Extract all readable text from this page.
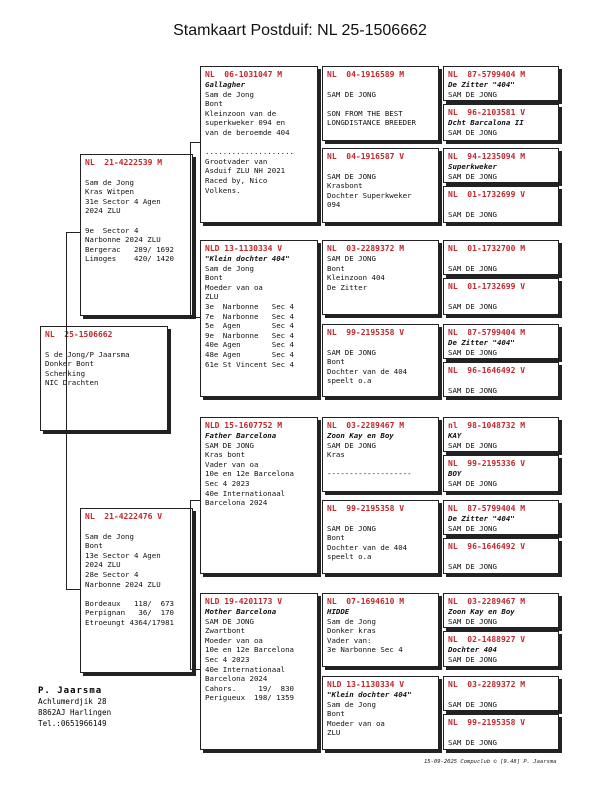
Stamkaart Postduif: NL 25-1506662
NL  25-1506662

S de Jong/P Jaarsma
Donker Bont
Schenking
NIC Drachten
NL  21-4222539 M

Sam de Jong
Kras Witpen
31e Sector 4 Agen
2024 ZLU

9e  Sector 4
Narbonne 2024 ZLU
Bergerac   289/ 1692
Limoges    420/ 1420
NL  21-4222476 V

Sam de Jong
Bont
13e Sector 4 Agen
2024 ZLU
28e Sector 4
Narbonne 2024 ZLU

Bordeaux   118/  673
Perpignan   36/  170
Etroeungt 4364/17981
NL  06-1031047 M
Gallagher
Sam de Jong
Bont
Kleinzoon van de
superkweker 094 en
van de beroemde 404

....................
Grootvader van
Asduif ZLU NH 2021
Raced by, Nico
Volkens.
NLD 13-1130334 V
"Klein dochter 404"
Sam de Jong
Bont
Moeder van oa
ZLU
3e  Narbonne   Sec 4
7e  Narbonne   Sec 4
5e  Agen       Sec 4
9e  Narbonne   Sec 4
40e Agen       Sec 4
48e Agen       Sec 4
61e St Vincent Sec 4
NLD 15-1607752 M
Father Barcelona
SAM DE JONG
Kras bont
Vader van oa
10e en 12e Barcelona
Sec 4 2023
40e Internationaal
Barcelona 2024
NLD 19-4201173 V
Mother Barcelona
SAM DE JONG
Zwartbont
Moeder van oa
10e en 12e Barcelona
Sec 4 2023
40e Internationaal
Barcelona 2024
Cahors.     19/  830
Perigueux  198/ 1359
NL  04-1916589 M

SAM DE JONG

SON FROM THE BEST
LONGDISTANCE BREEDER
NL  04-1916587 V

SAM DE JONG
Krasbont
Dochter Superkweker
094
NL  03-2289372 M
SAM DE JONG
Bont
Kleinzoon 404
De Zitter
NL  99-2195358 V

SAM DE JONG
Bont
Dochter van de 404
speelt o.a
NL  03-2289467 M
Zoon Kay en Boy
SAM DE JONG
Kras

-------------------
NL  99-2195358 V

SAM DE JONG
Bont
Dochter van de 404
speelt o.a
NL  07-1694610 M
HIDDE
Sam de Jong
Donker kras
Vader van:
3e Narbonne Sec 4
NLD 13-1130334 V
"Klein dochter 404"
Sam de Jong
Bont
Moeder van oa
ZLU
NL  87-5799404 M
De Zitter "404"
SAM DE JONG
NL  96-2103581 V
Dcht Barcalona II
SAM DE JONG
NL  94-1235094 M
Superkweker
SAM DE JONG
NL  01-1732699 V

SAM DE JONG
NL  01-1732700 M

SAM DE JONG
NL  01-1732699 V

SAM DE JONG
NL  87-5799404 M
De Zitter "404"
SAM DE JONG
NL  96-1646492 V

SAM DE JONG
nl  98-1048732 M
KAY
SAM DE JONG
NL  99-2195336 V
BOY
SAM DE JONG
NL  87-5799404 M
De Zitter "404"
SAM DE JONG
NL  96-1646492 V

SAM DE JONG
NL  03-2289467 M
Zoon Kay en Boy
SAM DE JONG
NL  02-1488927 V
Dochter 404
SAM DE JONG
NL  03-2289372 M

SAM DE JONG
NL  99-2195358 V

SAM DE JONG
P. Jaarsma
Achlumerdjik 28
8862AJ Harlingen
Tel.:0651966149
15-09-2025 Compuclub © [9.48] P. Jaarsma
